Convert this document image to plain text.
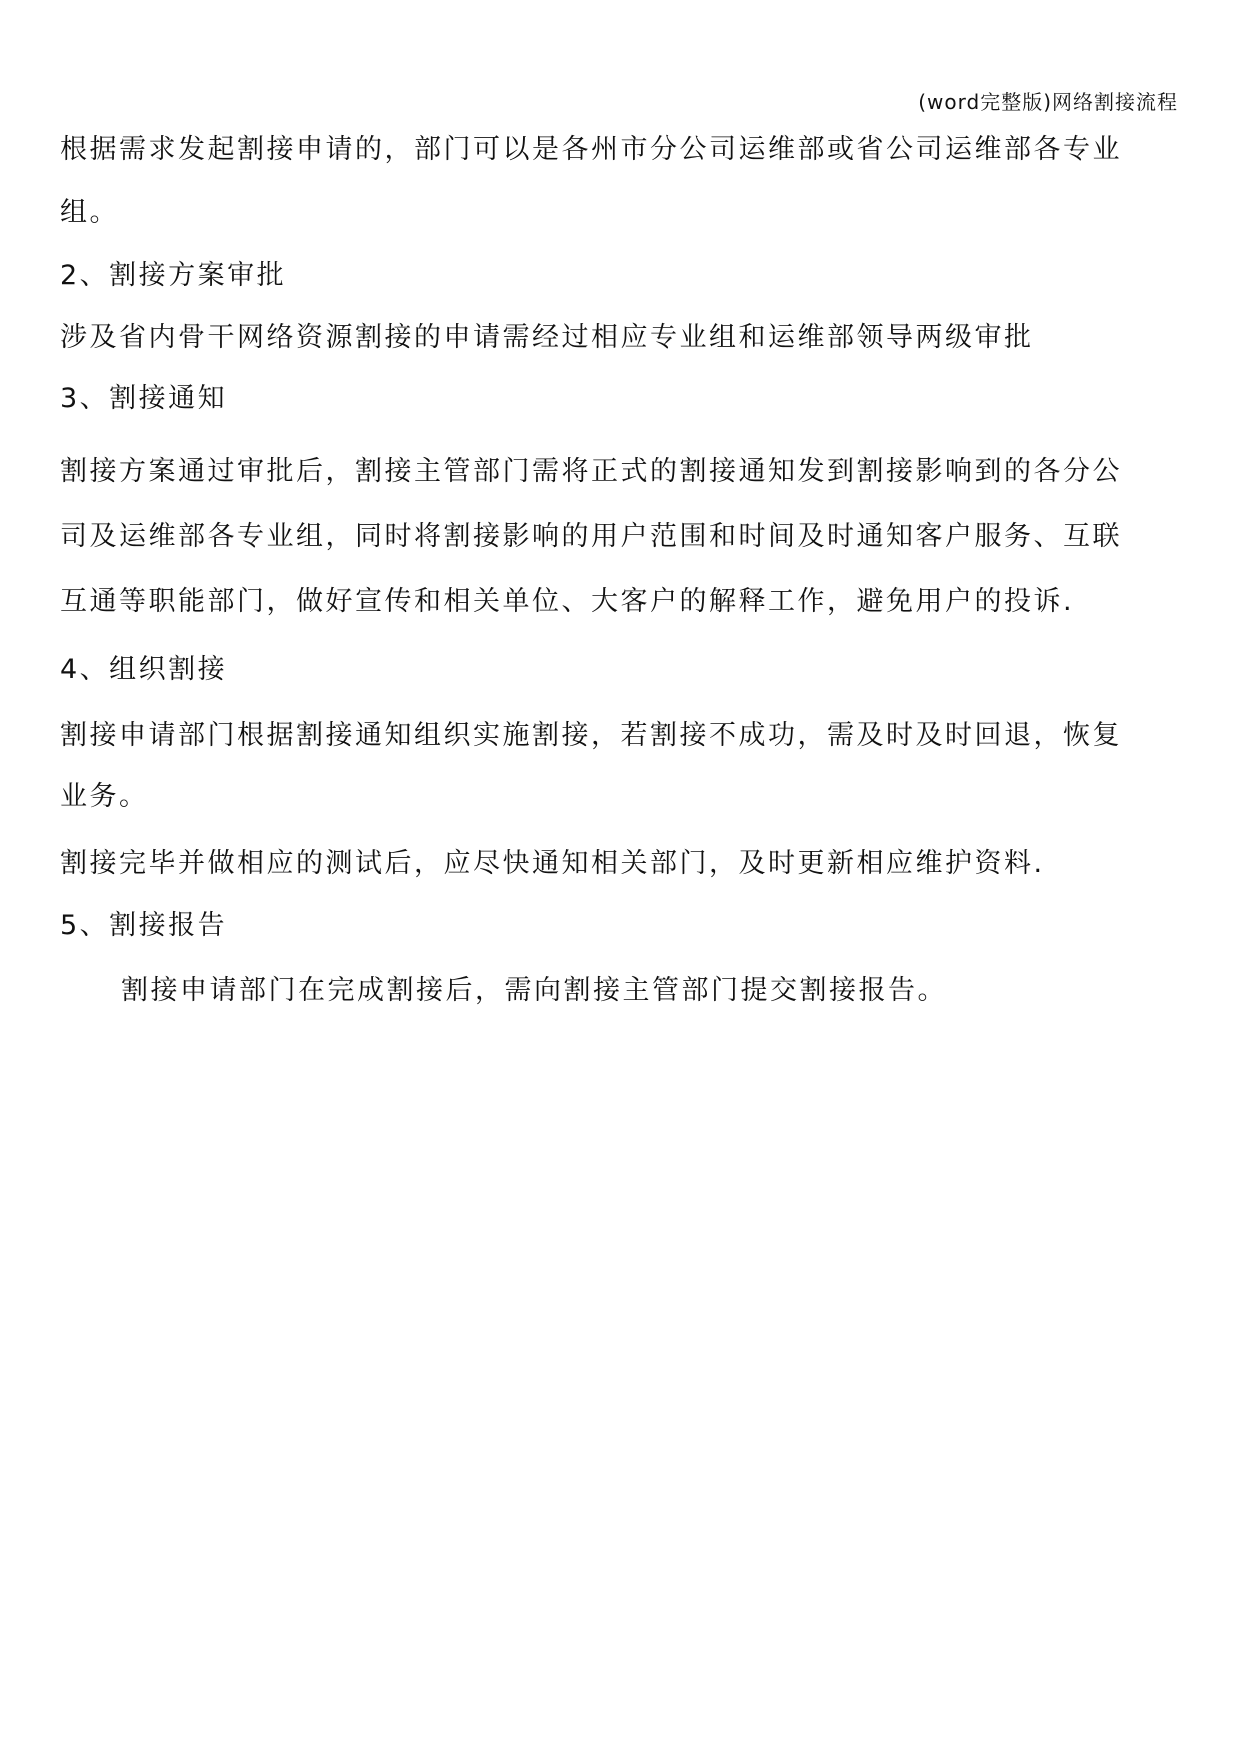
(word完整版)网络割接流程
根据需求发起割接申请的，部门可以是各州市分公司运维部或省公司运维部各专业
组。
2、割接方案审批
涉及省内骨干网络资源割接的申请需经过相应专业组和运维部领导两级审批
3、割接通知
割接方案通过审批后，割接主管部门需将正式的割接通知发到割接影响到的各分公
司及运维部各专业组，同时将割接影响的用户范围和时间及时通知客户服务、互联
互通等职能部门，做好宣传和相关单位、大客户的解释工作，避免用户的投诉.
4、组织割接
割接申请部门根据割接通知组织实施割接，若割接不成功，需及时及时回退，恢复
业务。
割接完毕并做相应的测试后，应尽快通知相关部门，及时更新相应维护资料.
5、割接报告
割接申请部门在完成割接后，需向割接主管部门提交割接报告。
